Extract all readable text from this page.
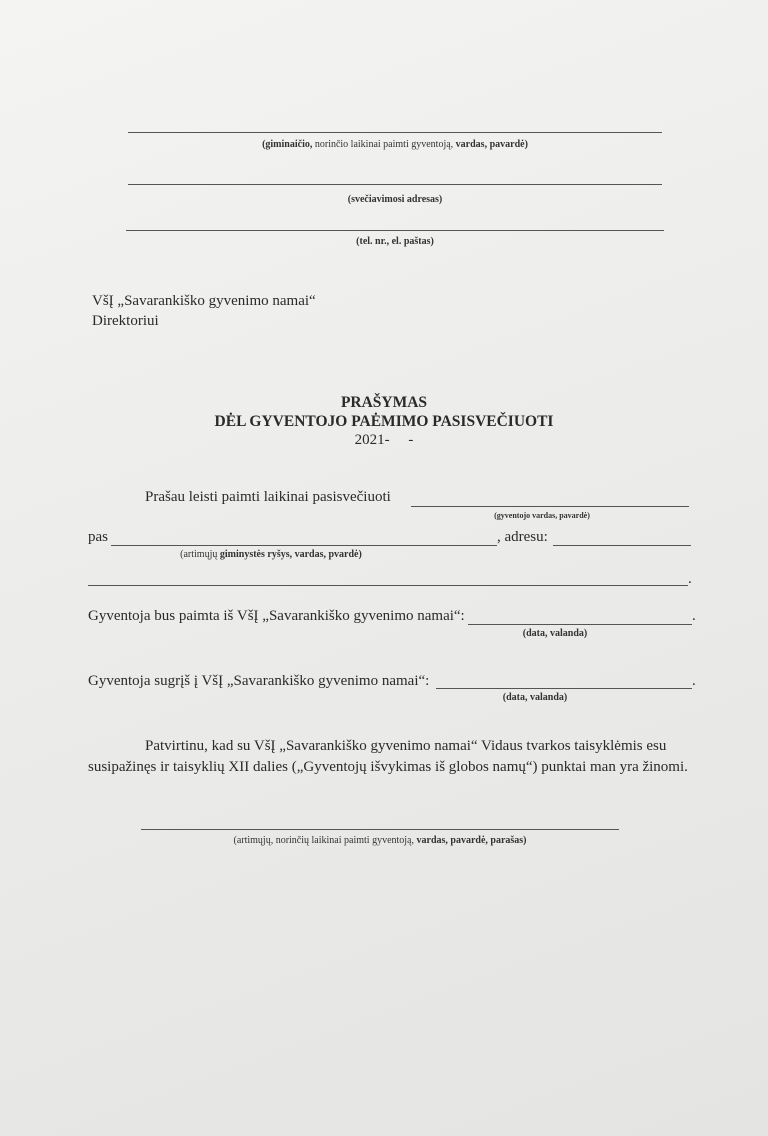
(giminaičio, norinčio laikinai paimti gyventoją, vardas, pavardė)
(svečiavimosi adresas)
(tel. nr., el. paštas)
VšĮ „Savarankiško gyvenimo namai“
Direktoriui
PRAŠYMAS
DĖL GYVENTOJO PAĖMIMO PASISVEČIUOTI
2021-     -
Prašau leisti paimti laikinai pasisvečiuoti
(gyventojo vardas, pavardė)
pas	, adresu:
(artimųjų giminystės ryšys, vardas, pvardė)
.
Gyventoja bus paimta iš VšĮ „Savarankiško gyvenimo namai“:	.
(data, valanda)
Gyventoja sugrįš į VšĮ „Savarankiško gyvenimo namai“:	.
(data, valanda)
Patvirtinu, kad su VšĮ „Savarankiško gyvenimo namai“ Vidaus tvarkos taisyklėmis esu
susipažinęs ir taisyklių XII dalies („Gyventojų išvykimas iš globos namų“) punktai man yra žinomi.
(artimųjų, norinčių laikinai paimti gyventoją, vardas, pavardė, parašas)
